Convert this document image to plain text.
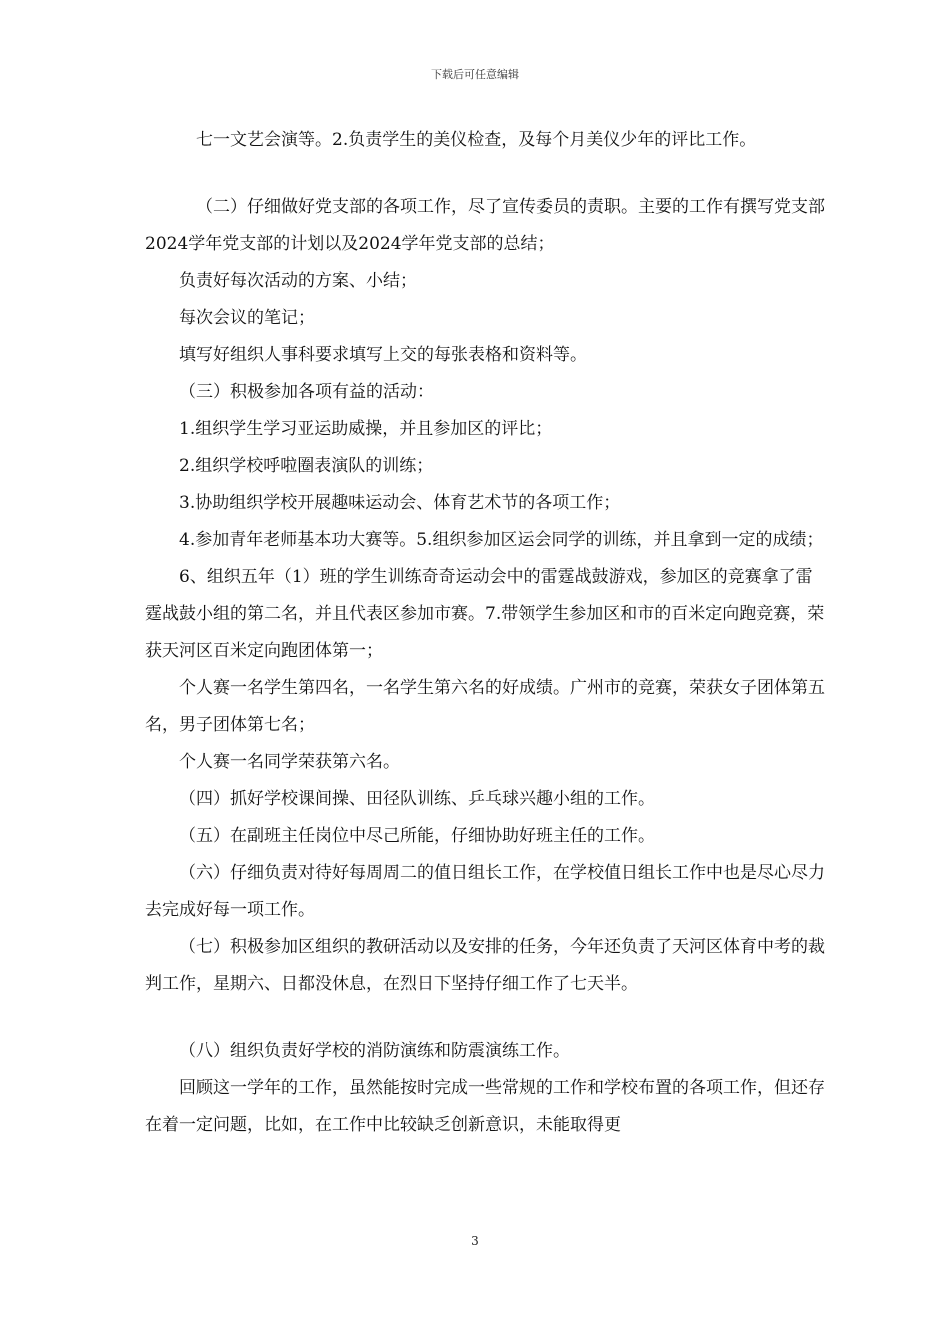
下载后可任意编辑
七一文艺会演等。2.负责学生的美仪检查，及每个月美仪少年的评比工作。
（二）仔细做好党支部的各项工作，尽了宣传委员的责职。主要的工作有撰写党支部2024学年党支部的计划以及2024学年党支部的总结；
负责好每次活动的方案、小结；
每次会议的笔记；
填写好组织人事科要求填写上交的每张表格和资料等。
（三）积极参加各项有益的活动：
1.组织学生学习亚运助威操，并且参加区的评比；
2.组织学校呼啦圈表演队的训练；
3.协助组织学校开展趣味运动会、体育艺术节的各项工作；
4.参加青年老师基本功大赛等。5.组织参加区运会同学的训练，并且拿到一定的成绩；
6、组织五年（1）班的学生训练奇奇运动会中的雷霆战鼓游戏，参加区的竞赛拿了雷霆战鼓小组的第二名，并且代表区参加市赛。7.带领学生参加区和市的百米定向跑竞赛，荣获天河区百米定向跑团体第一；
个人赛一名学生第四名，一名学生第六名的好成绩。广州市的竞赛，荣获女子团体第五名，男子团体第七名；
个人赛一名同学荣获第六名。
（四）抓好学校课间操、田径队训练、乒乓球兴趣小组的工作。
（五）在副班主任岗位中尽己所能，仔细协助好班主任的工作。
（六）仔细负责对待好每周周二的值日组长工作，在学校值日组长工作中也是尽心尽力去完成好每一项工作。
（七）积极参加区组织的教研活动以及安排的任务，今年还负责了天河区体育中考的裁判工作，星期六、日都没休息，在烈日下坚持仔细工作了七天半。
（八）组织负责好学校的消防演练和防震演练工作。
回顾这一学年的工作，虽然能按时完成一些常规的工作和学校布置的各项工作，但还存在着一定问题，比如，在工作中比较缺乏创新意识，未能取得更
3
